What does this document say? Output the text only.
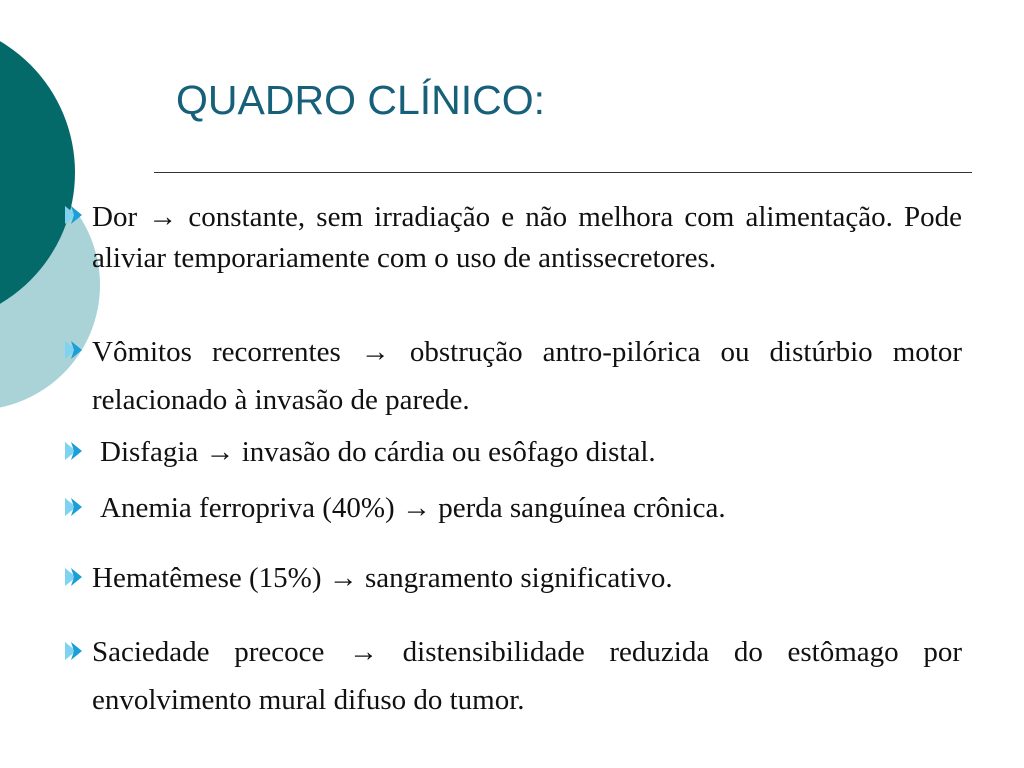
QUADRO CLÍNICO:
Dor → constante, sem irradiação e não melhora com alimentação. Pode aliviar temporariamente com o uso de antissecretores.
Vômitos recorrentes → obstrução antro-pilórica ou distúrbio motor relacionado à invasão de parede.
Disfagia → invasão do cárdia ou esôfago distal.
Anemia ferropriva (40%) → perda sanguínea crônica.
Hematêmese (15%) → sangramento significativo.
Saciedade precoce → distensibilidade reduzida do estômago por envolvimento mural difuso do tumor.
